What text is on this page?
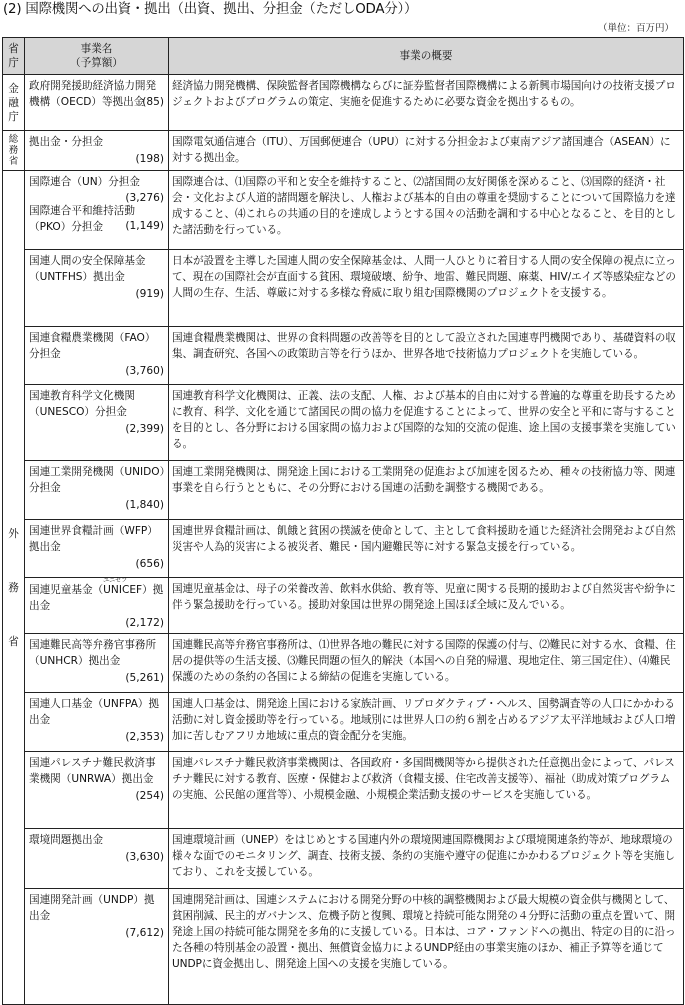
(2) 国際機関への出資・拠出（出資、拠出、分担金（ただしODA分））
（単位：百万円）
省庁	事業名
（予算額）	事業の概要

金融庁	政府開発援助経済協力開発機構（OECD）等拠出金
(85)	経済協力開発機構、保険監督者国際機構ならびに証券監督者国際機構による新興市場国向けの技術支援プロジェクトおよびプログラムの策定、実施を促進するために必要な資金を拠出するもの。

総務省	拠出金・分担金
(198)	国際電気通信連合（ITU）、万国郵便連合（UPU）に対する分担金および東南アジア諸国連合（ASEAN）に対する拠出金。

外務省	国際連合（UN）分担金
(3,276)
国際連合平和維持活動（PKO）分担金 (1,149)	国際連合は、⑴国際の平和と安全を維持すること、⑵諸国間の友好関係を深めること、⑶国際的経済・社会・文化および人道的諸問題を解決し、人権および基本的自由の尊重を奨励することについて国際協力を達成すること、⑷これらの共通の目的を達成しようとする国々の活動を調和する中心となること、を目的とした諸活動を行っている。

	国連人間の安全保障基金（UNTFHS）拠出金
(919)	日本が設置を主導した国連人間の安全保障基金は、人間一人ひとりに着目する人間の安全保障の視点に立って、現在の国際社会が直面する貧困、環境破壊、紛争、地雷、難民問題、麻薬、HIV/エイズ等感染症などの人間の生存、生活、尊厳に対する多様な脅威に取り組む国際機関のプロジェクトを支援する。

	国連食糧農業機関（FAO）分担金
(3,760)	国連食糧農業機関は、世界の食料問題の改善等を目的として設立された国連専門機関であり、基礎資料の収集、調査研究、各国への政策助言等を行うほか、世界各地で技術協力プロジェクトを実施している。

	国連教育科学文化機関（UNESCO）分担金
(2,399)	国連教育科学文化機関は、正義、法の支配、人権、および基本的自由に対する普遍的な尊重を助長するために教育、科学、文化を通じて諸国民の間の協力を促進することによって、世界の安全と平和に寄与することを目的とし、各分野における国家間の協力および国際的な知的交流の促進、途上国の支援事業を実施している。

	国連工業開発機関（UNIDO）分担金
(1,840)	国連工業開発機関は、開発途上国における工業開発の促進および加速を図るため、種々の技術協力等、関連事業を自ら行うとともに、その分野における国連の活動を調整する機関である。

	国連世界食糧計画（WFP）拠出金
(656)	国連世界食糧計画は、飢餓と貧困の撲滅を使命として、主として食料援助を通じた経済社会開発および自然災害や人為的災害による被災者、難民・国内避難民等に対する緊急支援を行っている。

	国連児童基金（
ユニセフ
UNICEF）拠出金
(2,172)	国連児童基金は、母子の栄養改善、飲料水供給、教育等、児童に関する長期的援助および自然災害や紛争に伴う緊急援助を行っている。援助対象国は世界の開発途上国ほぼ全域に及んでいる。

	国連難民高等弁務官事務所（UNHCR）拠出金
(5,261)	国連難民高等弁務官事務所は、⑴世界各地の難民に対する国際的保護の付与、⑵難民に対する水、食糧、住居の提供等の生活支援、⑶難民問題の恒久的解決（本国への自発的帰還、現地定住、第三国定住）、⑷難民保護のための条約の各国による締結の促進を実施している。

	国連人口基金（UNFPA）拠出金
(2,353)	国連人口基金は、開発途上国における家族計画、リプロダクティブ・ヘルス、国勢調査等の人口にかかわる活動に対し資金援助等を行っている。地域別には世界人口の約６割を占めるアジア太平洋地域および人口増加に苦しむアフリカ地域に重点的資金配分を実施。

	国連パレスチナ難民救済事業機関（UNRWA）拠出金
(254)	国連パレスチナ難民救済事業機関は、各国政府・多国間機関等から提供された任意拠出金によって、パレスチナ難民に対する教育、医療・保健および救済（食糧支援、住宅改善支援等）、福祉（助成対策プログラムの実施、公民館の運営等）、小規模金融、小規模企業活動支援のサービスを実施している。

	環境問題拠出金
(3,630)	国連環境計画（UNEP）をはじめとする国連内外の環境関連国際機関および環境関連条約等が、地球環境の様々な面でのモニタリング、調査、技術支援、条約の実施や遵守の促進にかかわるプロジェクト等を実施しており、これを支援している。

	国連開発計画（UNDP）拠出金
(7,612)	国連開発計画は、国連システムにおける開発分野の中核的調整機関および最大規模の資金供与機関として、貧困削減、民主的ガバナンス、危機予防と復興、環境と持続可能な開発の４分野に活動の重点を置いて、開発途上国の持続可能な開発を多角的に支援している。日本は、コア・ファンドへの拠出、特定の目的に沿った各種の特別基金の設置・拠出、無償資金協力によるUNDP経由の事業実施のほか、補正予算等を通じてUNDPに資金拠出し、開発途上国への支援を実施している。
